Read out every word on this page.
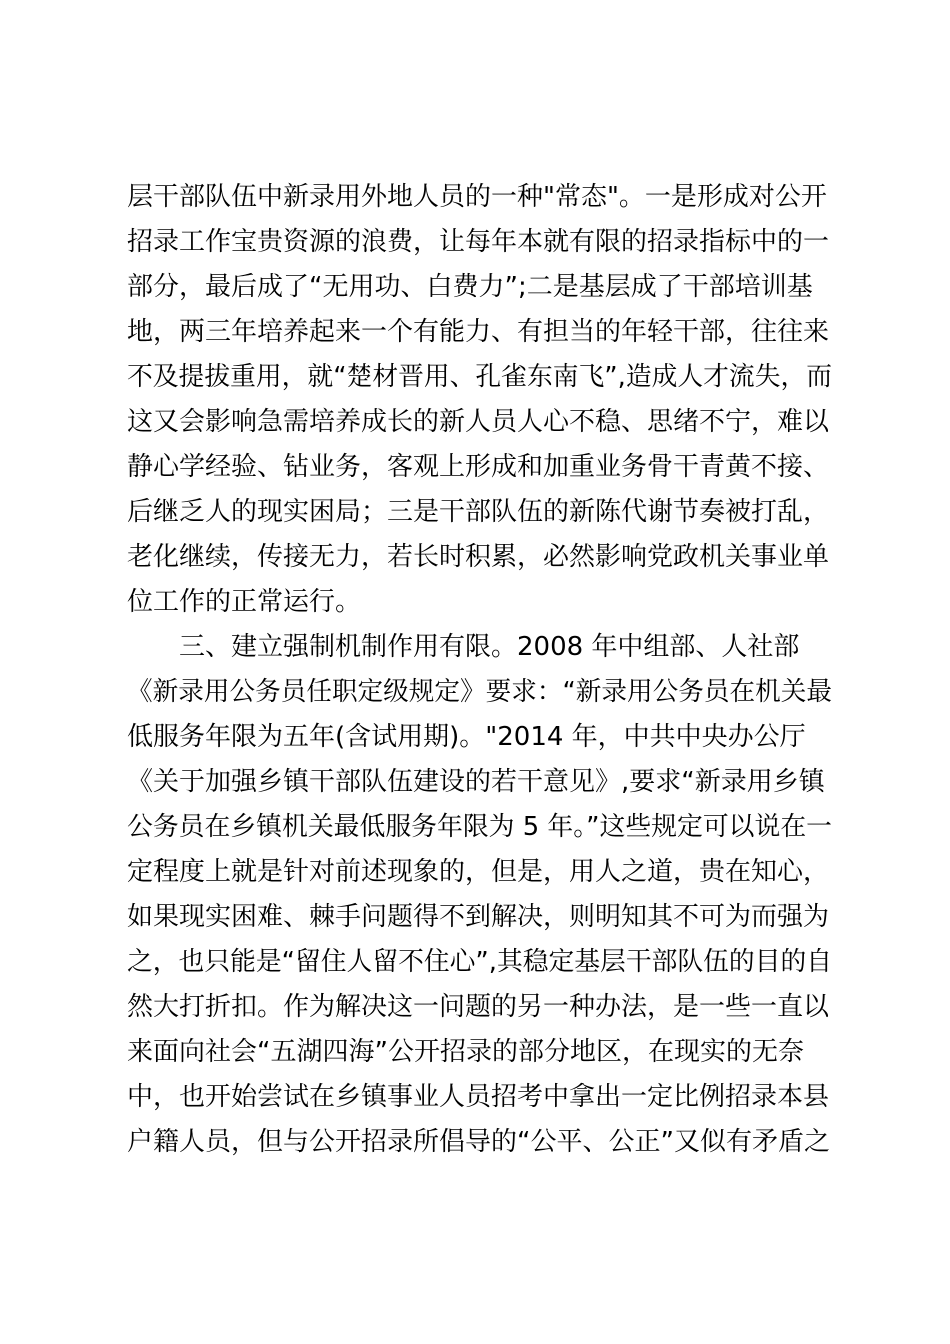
层干部队伍中新录用外地人员的一种"常态"。一是形成对公开
招录工作宝贵资源的浪费，让每年本就有限的招录指标中的一
部分，最后成了“无用功、白费力”;二是基层成了干部培训基
地，两三年培养起来一个有能力、有担当的年轻干部，往往来
不及提拔重用，就“楚材晋用、孔雀东南飞”,造成人才流失，而
这又会影响急需培养成长的新人员人心不稳、思绪不宁，难以
静心学经验、钻业务，客观上形成和加重业务骨干青黄不接、
后继乏人的现实困局；三是干部队伍的新陈代谢节奏被打乱，
老化继续，传接无力，若长时积累，必然影响党政机关事业单
位工作的正常运行。
三、建立强制机制作用有限。2008 年中组部、人社部
《新录用公务员任职定级规定》要求：“新录用公务员在机关最
低服务年限为五年(含试用期)。"2014 年，中共中央办公厅
《关于加强乡镇干部队伍建设的若干意见》,要求“新录用乡镇
公务员在乡镇机关最低服务年限为 5 年。”这些规定可以说在一
定程度上就是针对前述现象的，但是，用人之道，贵在知心，
如果现实困难、棘手问题得不到解决，则明知其不可为而强为
之，也只能是“留住人留不住心”,其稳定基层干部队伍的目的自
然大打折扣。作为解决这一问题的另一种办法，是一些一直以
来面向社会“五湖四海”公开招录的部分地区，在现实的无奈
中，也开始尝试在乡镇事业人员招考中拿出一定比例招录本县
户籍人员，但与公开招录所倡导的“公平、公正”又似有矛盾之
